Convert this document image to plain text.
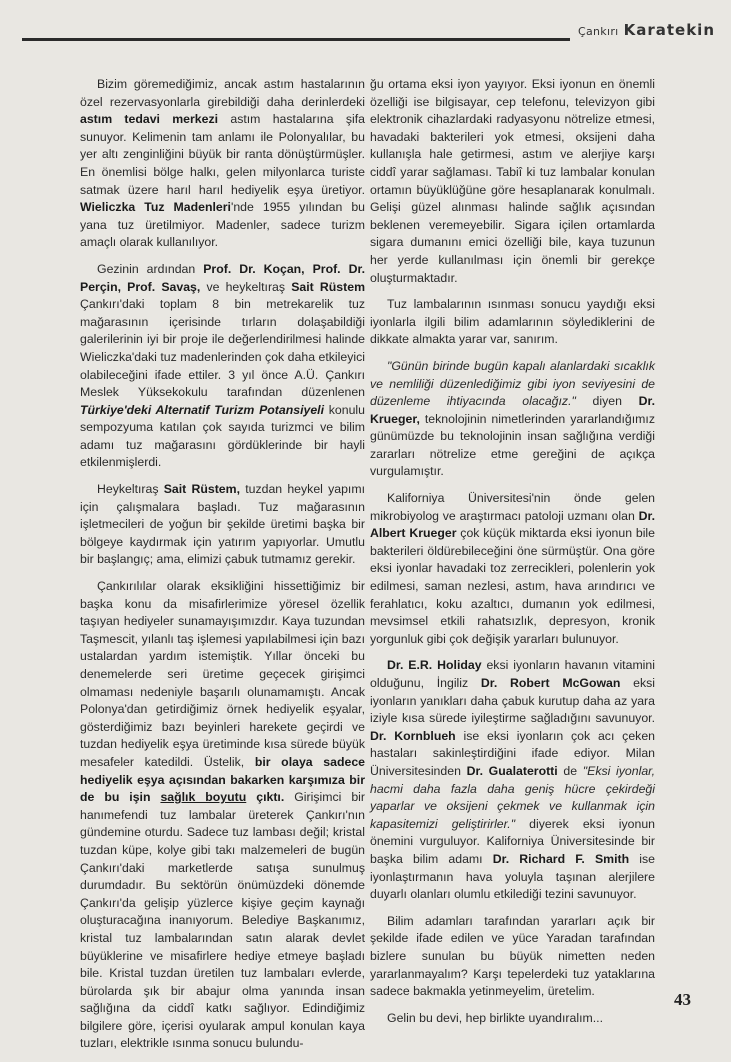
Çankırı Karatekin

Bizim göremediğimiz, ancak astım hastalarının özel rezervasyonlarla girebildiği daha derinlerdeki astım tedavi merkezi astım hastalarına şifa sunuyor. Kelimenin tam anlamı ile Polonyalılar, bu yer altı zenginliğini büyük bir ranta dönüştürmüşler. En önemlisi bölge halkı, gelen milyonlarca turiste satmak üzere harıl harıl hediyelik eşya üretiyor. Wieliczka Tuz Madenleri'nde 1955 yılından bu yana tuz üretilmiyor. Madenler, sadece turizm amaçlı olarak kullanılıyor.

Gezinin ardından Prof. Dr. Koçan, Prof. Dr. Perçin, Prof. Savaş, ve heykeltıraş Sait Rüstem Çankırı'daki toplam 8 bin metrekarelik tuz mağarasının içerisinde tırların dolaşabildiği galerilerinin iyi bir proje ile değerlendirilmesi halinde Wieliczka'daki tuz madenlerinden çok daha etkileyici olabileceğini ifade ettiler. 3 yıl önce A.Ü. Çankırı Meslek Yüksekokulu tarafından düzenlenen Türkiye'deki Alternatif Turizm Potansiyeli konulu sempozyuma katılan çok sayıda turizmci ve bilim adamı tuz mağarasını gördüklerinde bir hayli etkilenmişlerdi.

Heykeltıraş Sait Rüstem, tuzdan heykel yapımı için çalışmalara başladı. Tuz mağarasının işletmecileri de yoğun bir şekilde üretimi başka bir bölgeye kaydırmak için yatırım yapıyorlar. Umutlu bir başlangıç; ama, elimizi çabuk tutmamız gerekir.

Çankırılılar olarak eksikliğini hissettiğimiz bir başka konu da misafirlerimize yöresel özellik taşıyan hediyeler sunamayışımızdır. Kaya tuzundan Taşmescit, yılanlı taş işlemesi yapılabilmesi için bazı ustalardan yardım istemiştik. Yıllar önceki bu denemelerde seri üretime geçecek girişimci olmaması nedeniyle başarılı olunamamıştı. Ancak Polonya'dan getirdiğimiz örnek hediyelik eşyalar, gösterdiğimiz bazı beyinleri harekete geçirdi ve tuzdan hediyelik eşya üretiminde kısa sürede büyük mesafeler katedildi. Üstelik, bir olaya sadece hediyelik eşya açısından bakarken karşımıza bir de bu işin sağlık boyutu çıktı. Girişimci bir hanımefendi tuz lambalar üreterek Çankırı'nın gündemine oturdu. Sadece tuz lambası değil; kristal tuzdan küpe, kolye gibi takı malzemeleri de bugün Çankırı'daki marketlerde satışa sunulmuş durumdadır. Bu sektörün önümüzdeki dönemde Çankırı'da gelişip yüzlerce kişiye geçim kaynağı oluşturacağına inanıyorum. Belediye Başkanımız, kristal tuz lambalarından satın alarak devlet büyüklerine ve misafirlere hediye etmeye başladı bile. Kristal tuzdan üretilen tuz lambaları evlerde, bürolarda şık bir abajur olma yanında insan sağlığına da ciddî katkı sağlıyor. Edindiğimiz bilgilere göre, içerisi oyularak ampul konulan kaya tuzları, elektrikle ısınma sonucu bulundu-

ğu ortama eksi iyon yayıyor. Eksi iyonun en önemli özelliği ise bilgisayar, cep telefonu, televizyon gibi elektronik cihazlardaki radyasyonu nötrelize etmesi, havadaki bakterileri yok etmesi, oksijeni daha kullanışla hale getirmesi, astım ve alerjiye karşı ciddî yarar sağlaması. Tabiî ki tuz lambalar konulan ortamın büyüklüğüne göre hesaplanarak konulmalı. Gelişi güzel alınması halinde sağlık açısından beklenen veremeyebilir. Sigara içilen ortamlarda sigara dumanını emici özelliği bile, kaya tuzunun her yerde kullanılması için önemli bir gerekçe oluşturmaktadır.

Tuz lambalarının ısınması sonucu yaydığı eksi iyonlarla ilgili bilim adamlarının söylediklerini de dikkate almakta yarar var, sanırım.

"Günün birinde bugün kapalı alanlardaki sıcaklık ve nemliliği düzenlediğimiz gibi iyon seviyesini de düzenleme ihtiyacında olacağız." diyen Dr. Krueger, teknolojinin nimetlerinden yararlandığımız günümüzde bu teknolojinin insan sağlığına verdiği zararları nötrelize etme gereğini de açıkça vurgulamıştır.

Kaliforniya Üniversitesi'nin önde gelen mikrobiyolog ve araştırmacı patoloji uzmanı olan Dr. Albert Krueger çok küçük miktarda eksi iyonun bile bakterileri öldürebileceğini öne sürmüştür. Ona göre eksi iyonlar havadaki toz zerrecikleri, polenlerin yok edilmesi, saman nezlesi, astım, hava arındırıcı ve ferahlatıcı, koku azaltıcı, dumanın yok edilmesi, mevsimsel etkili rahatsızlık, depresyon, kronik yorgunluk gibi çok değişik yararları bulunuyor.

Dr. E.R. Holiday eksi iyonların havanın vitamini olduğunu, İngiliz Dr. Robert McGowan eksi iyonların yanıkları daha çabuk kurutup daha az yara iziyle kısa sürede iyileştirme sağladığını savunuyor. Dr. Kornblueh ise eksi iyonların çok acı çeken hastaları sakinleştirdiğini ifade ediyor. Milan Üniversitesinden Dr. Gualaterotti de "Eksi iyonlar, hacmi daha fazla daha geniş hücre çekirdeği yaparlar ve oksijeni çekmek ve kullanmak için kapasitemizi geliştirirler." diyerek eksi iyonun önemini vurguluyor. Kaliforniya Üniversitesinde bir başka bilim adamı Dr. Richard F. Smith ise iyonlaştırmanın hava yoluyla taşınan alerjilere duyarlı olanları olumlu etkilediği tezini savunuyor.

Bilim adamları tarafından yararları açık bir şekilde ifade edilen ve yüce Yaradan tarafından bizlere sunulan bu büyük nimetten neden yararlanmayalım? Karşı tepelerdeki tuz yataklarına sadece bakmakla yetinmeyelim, üretelim.

Gelin bu devi, hep birlikte uyandıralım...

43
